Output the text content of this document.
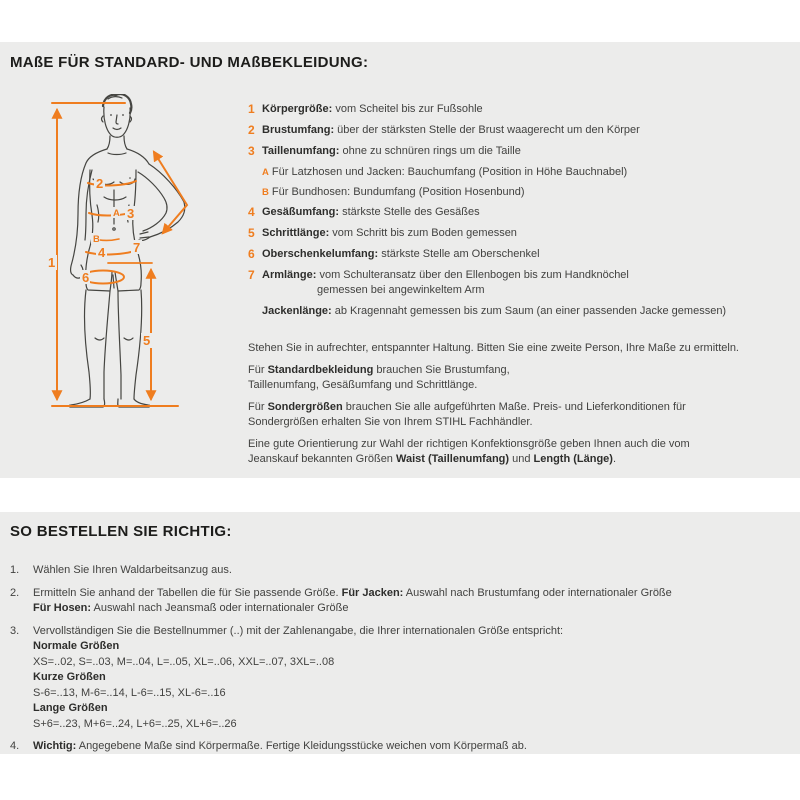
MAßE FÜR STANDARD- UND MAßBEKLEIDUNG:
1
2
A 3
B
4 7
6
5
1 Körpergröße: vom Scheitel bis zur Fußsohle
2 Brustumfang: über der stärksten Stelle der Brust waagerecht um den Körper
3 Taillenumfang: ohne zu schnüren rings um die Taille
A Für Latzhosen und Jacken: Bauchumfang (Position in Höhe Bauchnabel)
B Für Bundhosen: Bundumfang (Position Hosenbund)
4 Gesäßumfang: stärkste Stelle des Gesäßes
5 Schrittlänge: vom Schritt bis zum Boden gemessen
6 Oberschenkelumfang: stärkste Stelle am Oberschenkel
7 Armlänge: vom Schulteransatz über den Ellenbogen bis zum Handknöchel
gemessen bei angewinkeltem Arm
Jackenlänge: ab Kragennaht gemessen bis zum Saum (an einer passenden Jacke gemessen)

Stehen Sie in aufrechter, entspannter Haltung. Bitten Sie eine zweite Person, Ihre Maße zu ermitteln.

Für Standardbekleidung brauchen Sie Brustumfang,
Taillenumfang, Gesäßumfang und Schrittlänge.

Für Sondergrößen brauchen Sie alle aufgeführten Maße. Preis- und Lieferkonditionen für
Sondergrößen erhalten Sie von Ihrem STIHL Fachhändler.

Eine gute Orientierung zur Wahl der richtigen Konfektionsgröße geben Ihnen auch die vom
Jeanskauf bekannten Größen Waist (Taillenumfang) und Length (Länge).

SO BESTELLEN SIE RICHTIG:
1.	Wählen Sie Ihren Waldarbeitsanzug aus.
2.	Ermitteln Sie anhand der Tabellen die für Sie passende Größe. Für Jacken: Auswahl nach Brustumfang oder internationaler Größe
Für Hosen: Auswahl nach Jeansmaß oder internationaler Größe
3.	Vervollständigen Sie die Bestellnummer (..) mit der Zahlenangabe, die Ihrer internationalen Größe entspricht:
Normale Größen
XS=..02, S=..03, M=..04, L=..05, XL=..06, XXL=..07, 3XL=..08
Kurze Größen
S-6=..13, M-6=..14, L-6=..15, XL-6=..16
Lange Größen
S+6=..23, M+6=..24, L+6=..25, XL+6=..26
4.	Wichtig: Angegebene Maße sind Körpermaße. Fertige Kleidungsstücke weichen vom Körpermaß ab.
